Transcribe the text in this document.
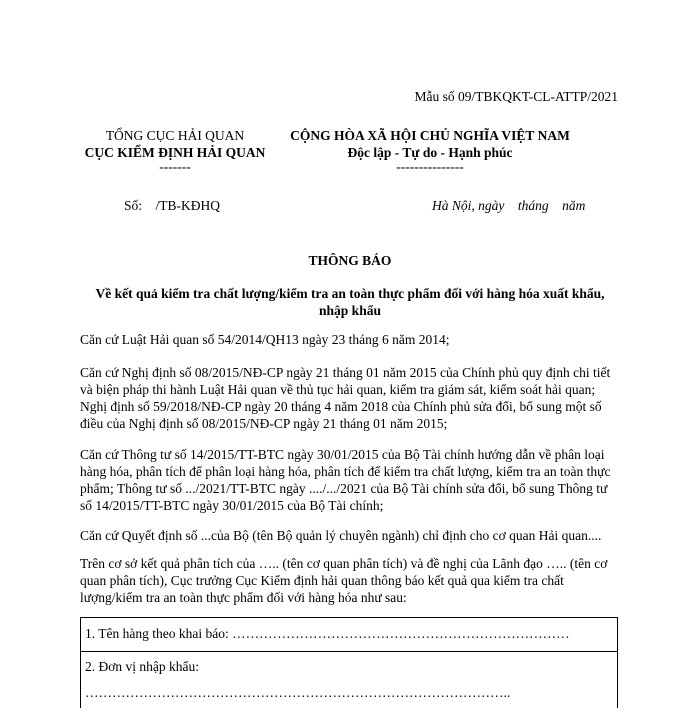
Mẫu số 09/TBKQKT-CL-ATTP/2021
TỔNG CỤC HẢI QUAN
CỤC KIỂM ĐỊNH HẢI QUAN
-------
CỘNG HÒA XÃ HỘI CHỦ NGHĨA VIỆT NAM
Độc lập - Tự do - Hạnh phúc
---------------
Số:    /TB-KĐHQ	Hà Nội, ngày    tháng    năm
THÔNG BÁO
Về kết quả kiểm tra chất lượng/kiểm tra an toàn thực phẩm đối với hàng hóa xuất khẩu, nhập khẩu
Căn cứ Luật Hải quan số 54/2014/QH13 ngày 23 tháng 6 năm 2014;
Căn cứ Nghị định số 08/2015/NĐ-CP ngày 21 tháng 01 năm 2015 của Chính phủ quy định chi tiết và biện pháp thi hành Luật Hải quan về thủ tục hải quan, kiểm tra giám sát, kiểm soát hải quan; Nghị định số 59/2018/NĐ-CP ngày 20 tháng 4 năm 2018 của Chính phủ sửa đổi, bổ sung một số điều của Nghị định số 08/2015/NĐ-CP ngày 21 tháng 01 năm 2015;
Căn cứ Thông tư số 14/2015/TT-BTC ngày 30/01/2015 của Bộ Tài chính hướng dẫn về phân loại hàng hóa, phân tích để phân loại hàng hóa, phân tích để kiểm tra chất lượng, kiểm tra an toàn thực phẩm; Thông tư số .../2021/TT-BTC ngày ..../.../2021 của Bộ Tài chính sửa đổi, bổ sung Thông tư số 14/2015/TT-BTC ngày 30/01/2015 của Bộ Tài chính;
Căn cứ Quyết định số ...của Bộ (tên Bộ quản lý chuyên ngành) chỉ định cho cơ quan Hải quan....
Trên cơ sở kết quả phân tích của ….. (tên cơ quan phân tích) và đề nghị của Lãnh đạo ….. (tên cơ quan phân tích), Cục trưởng Cục Kiểm định hải quan thông báo kết quả qua kiểm tra chất lượng/kiểm tra an toàn thực phẩm đối với hàng hóa như sau:
1. Tên hàng theo khai báo: …………………………………………………………………
2. Đơn vị nhập khẩu:
…………………………………………………………………………………..
